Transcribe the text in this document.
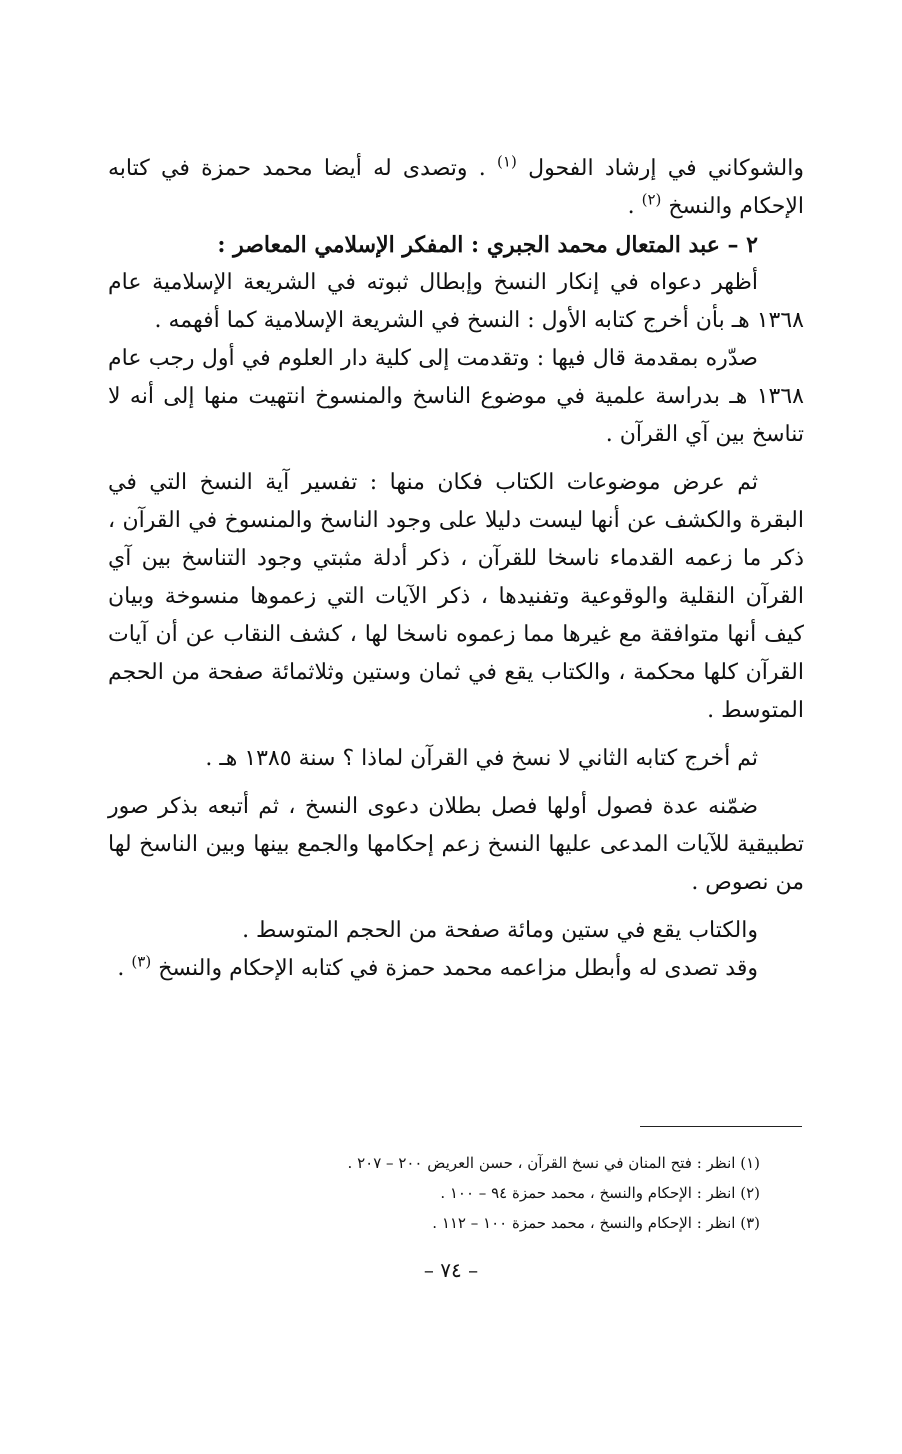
والشوكاني في إرشاد الفحول $^{(١)}$ . وتصدى له أيضا محمد حمزة في كتابه الإحكام والنسخ $^{(٢)}$ .

٢ – عبد المتعال محمد الجبري : المفكر الإسلامي المعاصر :

أظهر دعواه في إنكار النسخ وإبطال ثبوته في الشريعة الإسلامية عام ١٣٦٨ هـ بأن أخرج كتابه الأول : النسخ في الشريعة الإسلامية كما أفهمه .

صدّره بمقدمة قال فيها : وتقدمت إلى كلية دار العلوم في أول رجب عام ١٣٦٨ هـ بدراسة علمية في موضوع الناسخ والمنسوخ انتهيت منها إلى أنه لا تناسخ بين آي القرآن .

ثم عرض موضوعات الكتاب فكان منها : تفسير آية النسخ التي في البقرة والكشف عن أنها ليست دليلا على وجود الناسخ والمنسوخ في القرآن ، ذكر ما زعمه القدماء ناسخا للقرآن ، ذكر أدلة مثبتي وجود التناسخ بين آي القرآن النقلية والوقوعية وتفنيدها ، ذكر الآيات التي زعموها منسوخة وبيان كيف أنها متوافقة مع غيرها مما زعموه ناسخا لها ، كشف النقاب عن أن آيات القرآن كلها محكمة ، والكتاب يقع في ثمان وستين وثلاثمائة صفحة من الحجم المتوسط .

ثم أخرج كتابه الثاني لا نسخ في القرآن لماذا ؟ سنة ١٣٨٥ هـ .

ضمّنه عدة فصول أولها فصل بطلان دعوى النسخ ، ثم أتبعه بذكر صور تطبيقية للآيات المدعى عليها النسخ زعم إحكامها والجمع بينها وبين الناسخ لها من نصوص .

والكتاب يقع في ستين ومائة صفحة من الحجم المتوسط .

وقد تصدى له وأبطل مزاعمه محمد حمزة في كتابه الإحكام والنسخ $^{(٣)}$ .

(١) انظر : فتح المنان في نسخ القرآن ، حسن العريض ٢٠٠ – ٢٠٧ .
(٢) انظر : الإحكام والنسخ ، محمد حمزة ٩٤ – ١٠٠ .
(٣) انظر : الإحكام والنسخ ، محمد حمزة ١٠٠ – ١١٢ .
– ٧٤ –
